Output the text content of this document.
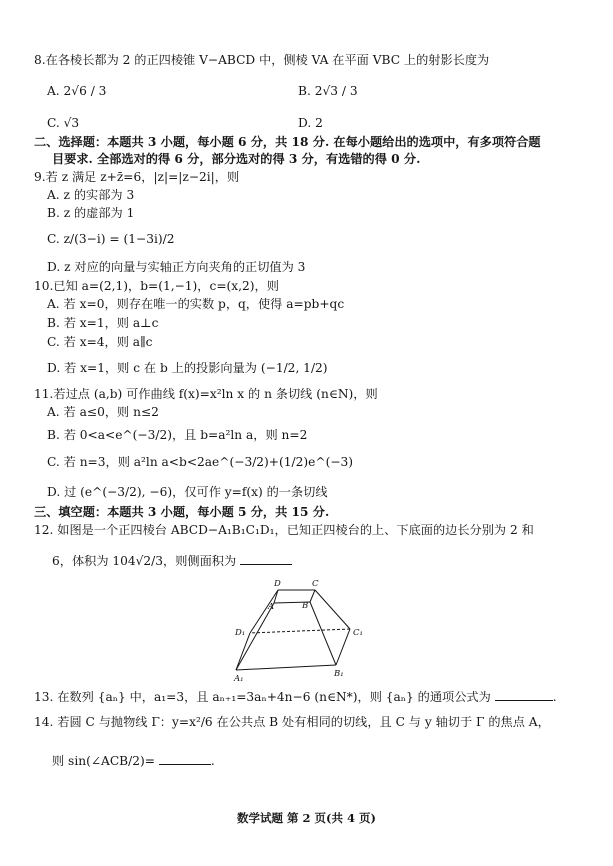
8.在各棱长都为 2 的正四棱锥 V−ABCD 中，侧棱 VA 在平面 VBC 上的射影长度为
A. 2√6 / 3	B. 2√3 / 3
C. √3	D. 2
二、选择题：本题共 3 小题，每小题 6 分，共 18 分. 在每小题给出的选项中，有多项符合题
目要求. 全部选对的得 6 分，部分选对的得 3 分，有选错的得 0 分.
9.若 z 满足 z+z̄=6，|z|=|z−2i|，则
A. z 的实部为 3
B. z 的虚部为 1
C. z/(3−i) = (1−3i)/2
D. z 对应的向量与实轴正方向夹角的正切值为 3
10.已知 a=(2,1)，b=(1,−1)，c=(x,2)，则
A. 若 x=0，则存在唯一的实数 p，q，使得 a=pb+qc
B. 若 x=1，则 a⊥c
C. 若 x=4，则 a∥c
D. 若 x=1，则 c 在 b 上的投影向量为 (−1/2, 1/2)
11.若过点 (a,b) 可作曲线 f(x)=x²ln x 的 n 条切线 (n∈N)，则
A. 若 a≤0，则 n≤2
B. 若 0<a<e^(−3/2)，且 b=a²ln a，则 n=2
C. 若 n=3，则 a²ln a<b<2ae^(−3/2)+(1/2)e^(−3)
D. 过 (e^(−3/2), −6)，仅可作 y=f(x) 的一条切线
三、填空题：本题共 3 小题，每小题 5 分，共 15 分.
12. 如图是一个正四棱台 ABCD−A₁B₁C₁D₁，已知正四棱台的上、下底面的边长分别为 2 和
6，体积为 104√2/3，则侧面积为
D	C
A	B
D₁	C₁
A₁	B₁
13. 在数列 {aₙ} 中，a₁=3，且 aₙ₊₁=3aₙ+4n−6 (n∈N*)，则 {aₙ} 的通项公式为	.
14. 若圆 C 与抛物线 Γ：y=x²/6 在公共点 B 处有相同的切线，且 C 与 y 轴切于 Γ 的焦点 A，
则 sin(∠ACB/2)=	.
数学试题 第 2 页(共 4 页)
